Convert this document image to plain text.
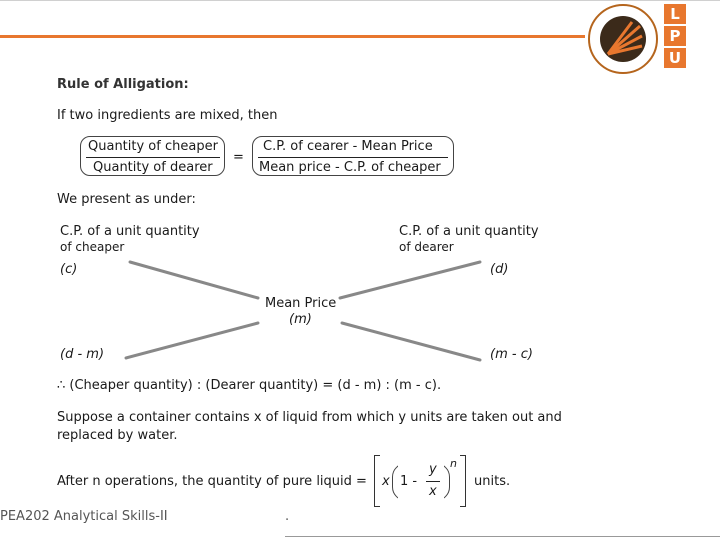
L
P
U
Rule of Alligation:
If two ingredients are mixed, then
Quantity of cheaper
Quantity of dearer
=
C.P. of cearer - Mean Price
Mean price - C.P. of cheaper
We present as under:
C.P. of a unit quantity
of cheaper
(c)
C.P. of a unit quantity
of dearer
(d)
Mean Price
(m)
(d - m)	(m - c)
∴ (Cheaper quantity) : (Dearer quantity) = (d - m) : (m - c).
Suppose a container contains x of liquid from which y units are taken out and
replaced by water.
After n operations, the quantity of pure liquid = x 1 -
y
x
n
units.
PEA202 Analytical Skills-II	.
